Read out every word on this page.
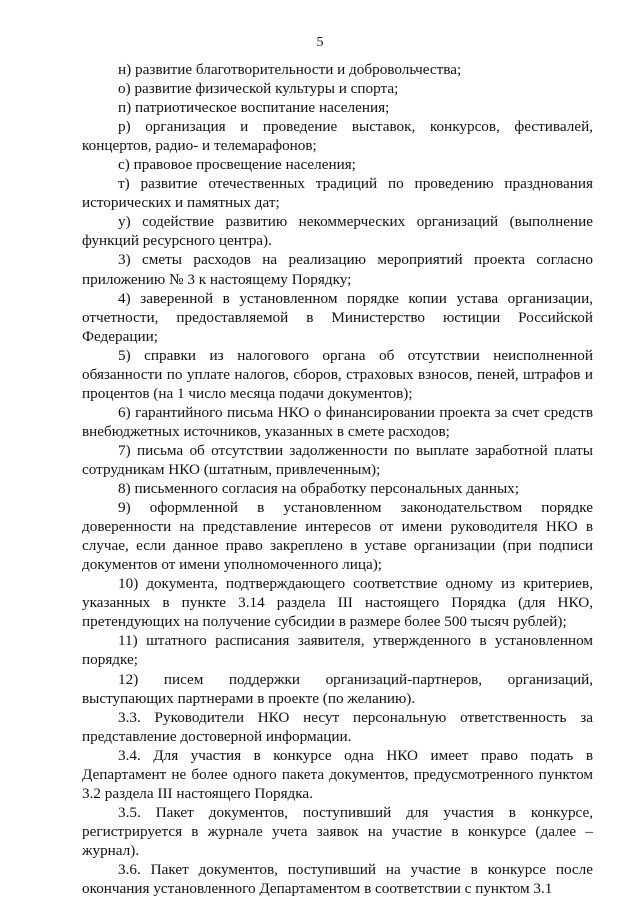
5

н) развитие благотворительности и добровольчества;

о) развитие физической культуры и спорта;

п) патриотическое воспитание населения;

р) организация и проведение выставок, конкурсов, фестивалей, концертов, радио- и телемарафонов;

с) правовое просвещение населения;

т) развитие отечественных традиций по проведению празднования исторических и памятных дат;

у) содействие развитию некоммерческих организаций (выполнение функций ресурсного центра).

3) сметы расходов на реализацию мероприятий проекта согласно приложению № 3 к настоящему Порядку;

4) заверенной в установленном порядке копии устава организации, отчетности, предоставляемой в Министерство юстиции Российской Федерации;

5) справки из налогового органа об отсутствии неисполненной обязанности по уплате налогов, сборов, страховых взносов, пеней, штрафов и процентов (на 1 число месяца подачи документов);

6) гарантийного письма НКО о финансировании проекта за счет средств внебюджетных источников, указанных в смете расходов;

7) письма об отсутствии задолженности по выплате заработной платы сотрудникам НКО (штатным, привлеченным);

8) письменного согласия на обработку персональных данных;

9) оформленной в установленном законодательством порядке доверенности на представление интересов от имени руководителя НКО в случае, если данное право закреплено в уставе организации (при подписи документов от имени уполномоченного лица);

10) документа, подтверждающего соответствие одному из критериев, указанных в пункте 3.14 раздела III настоящего Порядка (для НКО, претендующих на получение субсидии в размере более 500 тысяч рублей);

11) штатного расписания заявителя, утвержденного в установленном порядке;

12) писем поддержки организаций-партнеров, организаций, выступающих партнерами в проекте (по желанию).

3.3. Руководители НКО несут персональную ответственность за представление достоверной информации.

3.4. Для участия в конкурсе одна НКО имеет право подать в Департамент не более одного пакета документов, предусмотренного пунктом 3.2 раздела III настоящего Порядка.

3.5. Пакет документов, поступивший для участия в конкурсе, регистрируется в журнале учета заявок на участие в конкурсе (далее – журнал).

3.6. Пакет документов, поступивший на участие в конкурсе после окончания установленного Департаментом в соответствии с пунктом 3.1
